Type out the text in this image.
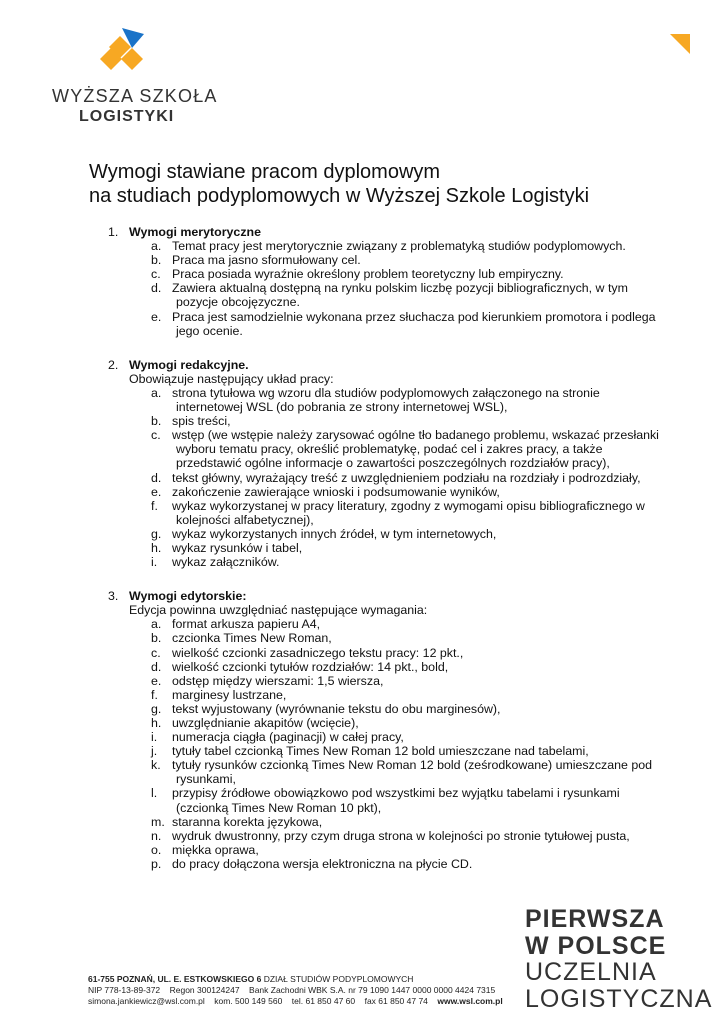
WYŻSZA SZKOŁA
LOGISTYKI
Wymogi stawiane pracom dyplomowym
na studiach podyplomowych w Wyższej Szkole Logistyki
1. Wymogi merytoryczne
a. Temat pracy jest merytorycznie związany z problematyką studiów podyplomowych.
b. Praca ma jasno sformułowany cel.
c. Praca posiada wyraźnie określony problem teoretyczny lub empiryczny.
d. Zawiera aktualną dostępną na rynku polskim liczbę pozycji bibliograficznych, w tym
pozycje obcojęzyczne.
e. Praca jest samodzielnie wykonana przez słuchacza pod kierunkiem promotora i podlega
jego ocenie.
2. Wymogi redakcyjne.
Obowiązuje następujący układ pracy:
a. strona tytułowa wg wzoru dla studiów podyplomowych załączonego na stronie
internetowej WSL (do pobrania ze strony internetowej WSL),
b. spis treści,
c. wstęp (we wstępie należy zarysować ogólne tło badanego problemu, wskazać przesłanki
wyboru tematu pracy, określić problematykę, podać cel i zakres pracy, a także
przedstawić ogólne informacje o zawartości poszczególnych rozdziałów pracy),
d. tekst główny, wyrażający treść z uwzględnieniem podziału na rozdziały i podrozdziały,
e. zakończenie zawierające wnioski i podsumowanie wyników,
f. wykaz wykorzystanej w pracy literatury, zgodny z wymogami opisu bibliograficznego w
kolejności alfabetycznej),
g. wykaz wykorzystanych innych źródeł, w tym internetowych,
h. wykaz rysunków i tabel,
i. wykaz załączników.
3. Wymogi edytorskie:
Edycja powinna uwzględniać następujące wymagania:
a. format arkusza papieru A4,
b. czcionka Times New Roman,
c. wielkość czcionki zasadniczego tekstu pracy: 12 pkt.,
d. wielkość czcionki tytułów rozdziałów: 14 pkt., bold,
e. odstęp między wierszami: 1,5 wiersza,
f. marginesy lustrzane,
g. tekst wyjustowany (wyrównanie tekstu do obu marginesów),
h. uwzględnianie akapitów (wcięcie),
i. numeracja ciągła (paginacji) w całej pracy,
j. tytuły tabel czcionką Times New Roman 12 bold umieszczane nad tabelami,
k. tytuły rysunków czcionką Times New Roman 12 bold (ześrodkowane) umieszczane pod
rysunkami,
l. przypisy źródłowe obowiązkowo pod wszystkimi bez wyjątku tabelami i rysunkami
(czcionką Times New Roman 10 pkt),
m. staranna korekta językowa,
n. wydruk dwustronny, przy czym druga strona w kolejności po stronie tytułowej pusta,
o. miękka oprawa,
p. do pracy dołączona wersja elektroniczna na płycie CD.
61-755 POZNAŃ, UL. E. ESTKOWSKIEGO 6 DZIAŁ STUDIÓW PODYPLOMOWYCH
NIP 778-13-89-372 Regon 300124247 Bank Zachodni WBK S.A. nr 79 1090 1447 0000 0000 4424 7315
simona.jankiewicz@wsl.com.pl kom. 500 149 560 tel. 61 850 47 60 fax 61 850 47 74 www.wsl.com.pl
PIERWSZA
W POLSCE
UCZELNIA
LOGISTYCZNA
